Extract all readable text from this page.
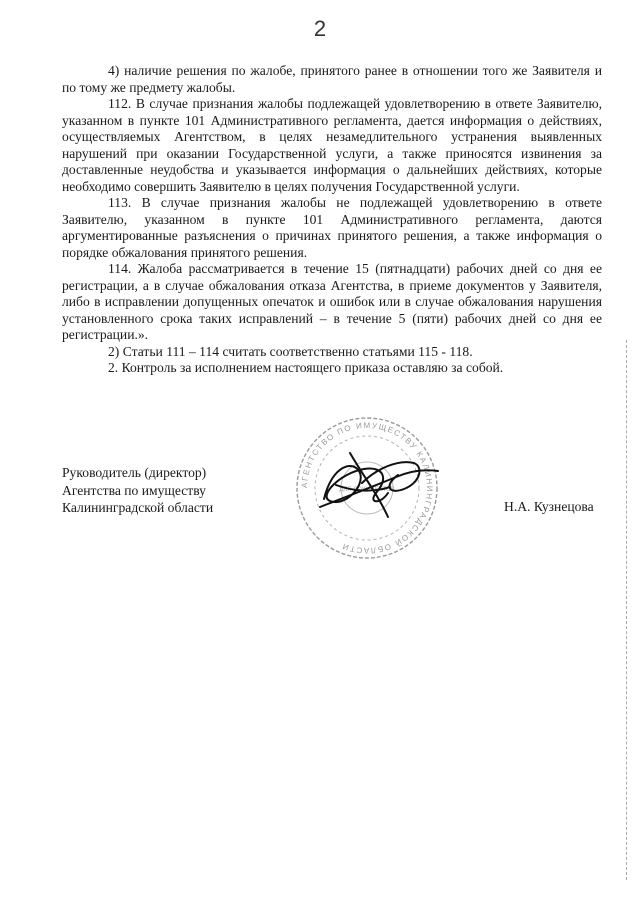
2

4) наличие решения по жалобе, принятого ранее в отношении того же Заявителя и по тому же предмету жалобы.

112. В случае признания жалобы подлежащей удовлетворению в ответе Заявителю, указанном в пункте 101 Административного регламента, дается информация о действиях, осуществляемых Агентством, в целях незамедлительного устранения выявленных нарушений при оказании Государственной услуги, а также приносятся извинения за доставленные неудобства и указывается информация о дальнейших действиях, которые необходимо совершить Заявителю в целях получения Государственной услуги.

113. В случае признания жалобы не подлежащей удовлетворению в ответе Заявителю, указанном в пункте 101 Административного регламента, даются аргументированные разъяснения о причинах принятого решения, а также информация о порядке обжалования принятого решения.

114. Жалоба рассматривается в течение 15 (пятнадцати) рабочих дней со дня ее регистрации, а в случае обжалования отказа Агентства, в приеме документов у Заявителя, либо в исправлении допущенных опечаток и ошибок или в случае обжалования нарушения установленного срока таких исправлений – в течение 5 (пяти) рабочих дней со дня ее регистрации.».

2) Статьи 111 – 114 считать соответственно статьями 115 - 118.

2. Контроль за исполнением настоящего приказа оставляю за собой.

Руководитель (директор)
Агентства по имуществу
Калининградской области
АГЕНТСТВО ПО ИМУЩЕСТВУ КАЛИНИНГРАДСКОЙ ОБЛАСТИ
ДЛЯ ДОКУМЕНТОВ
Н.А. Кузнецова
